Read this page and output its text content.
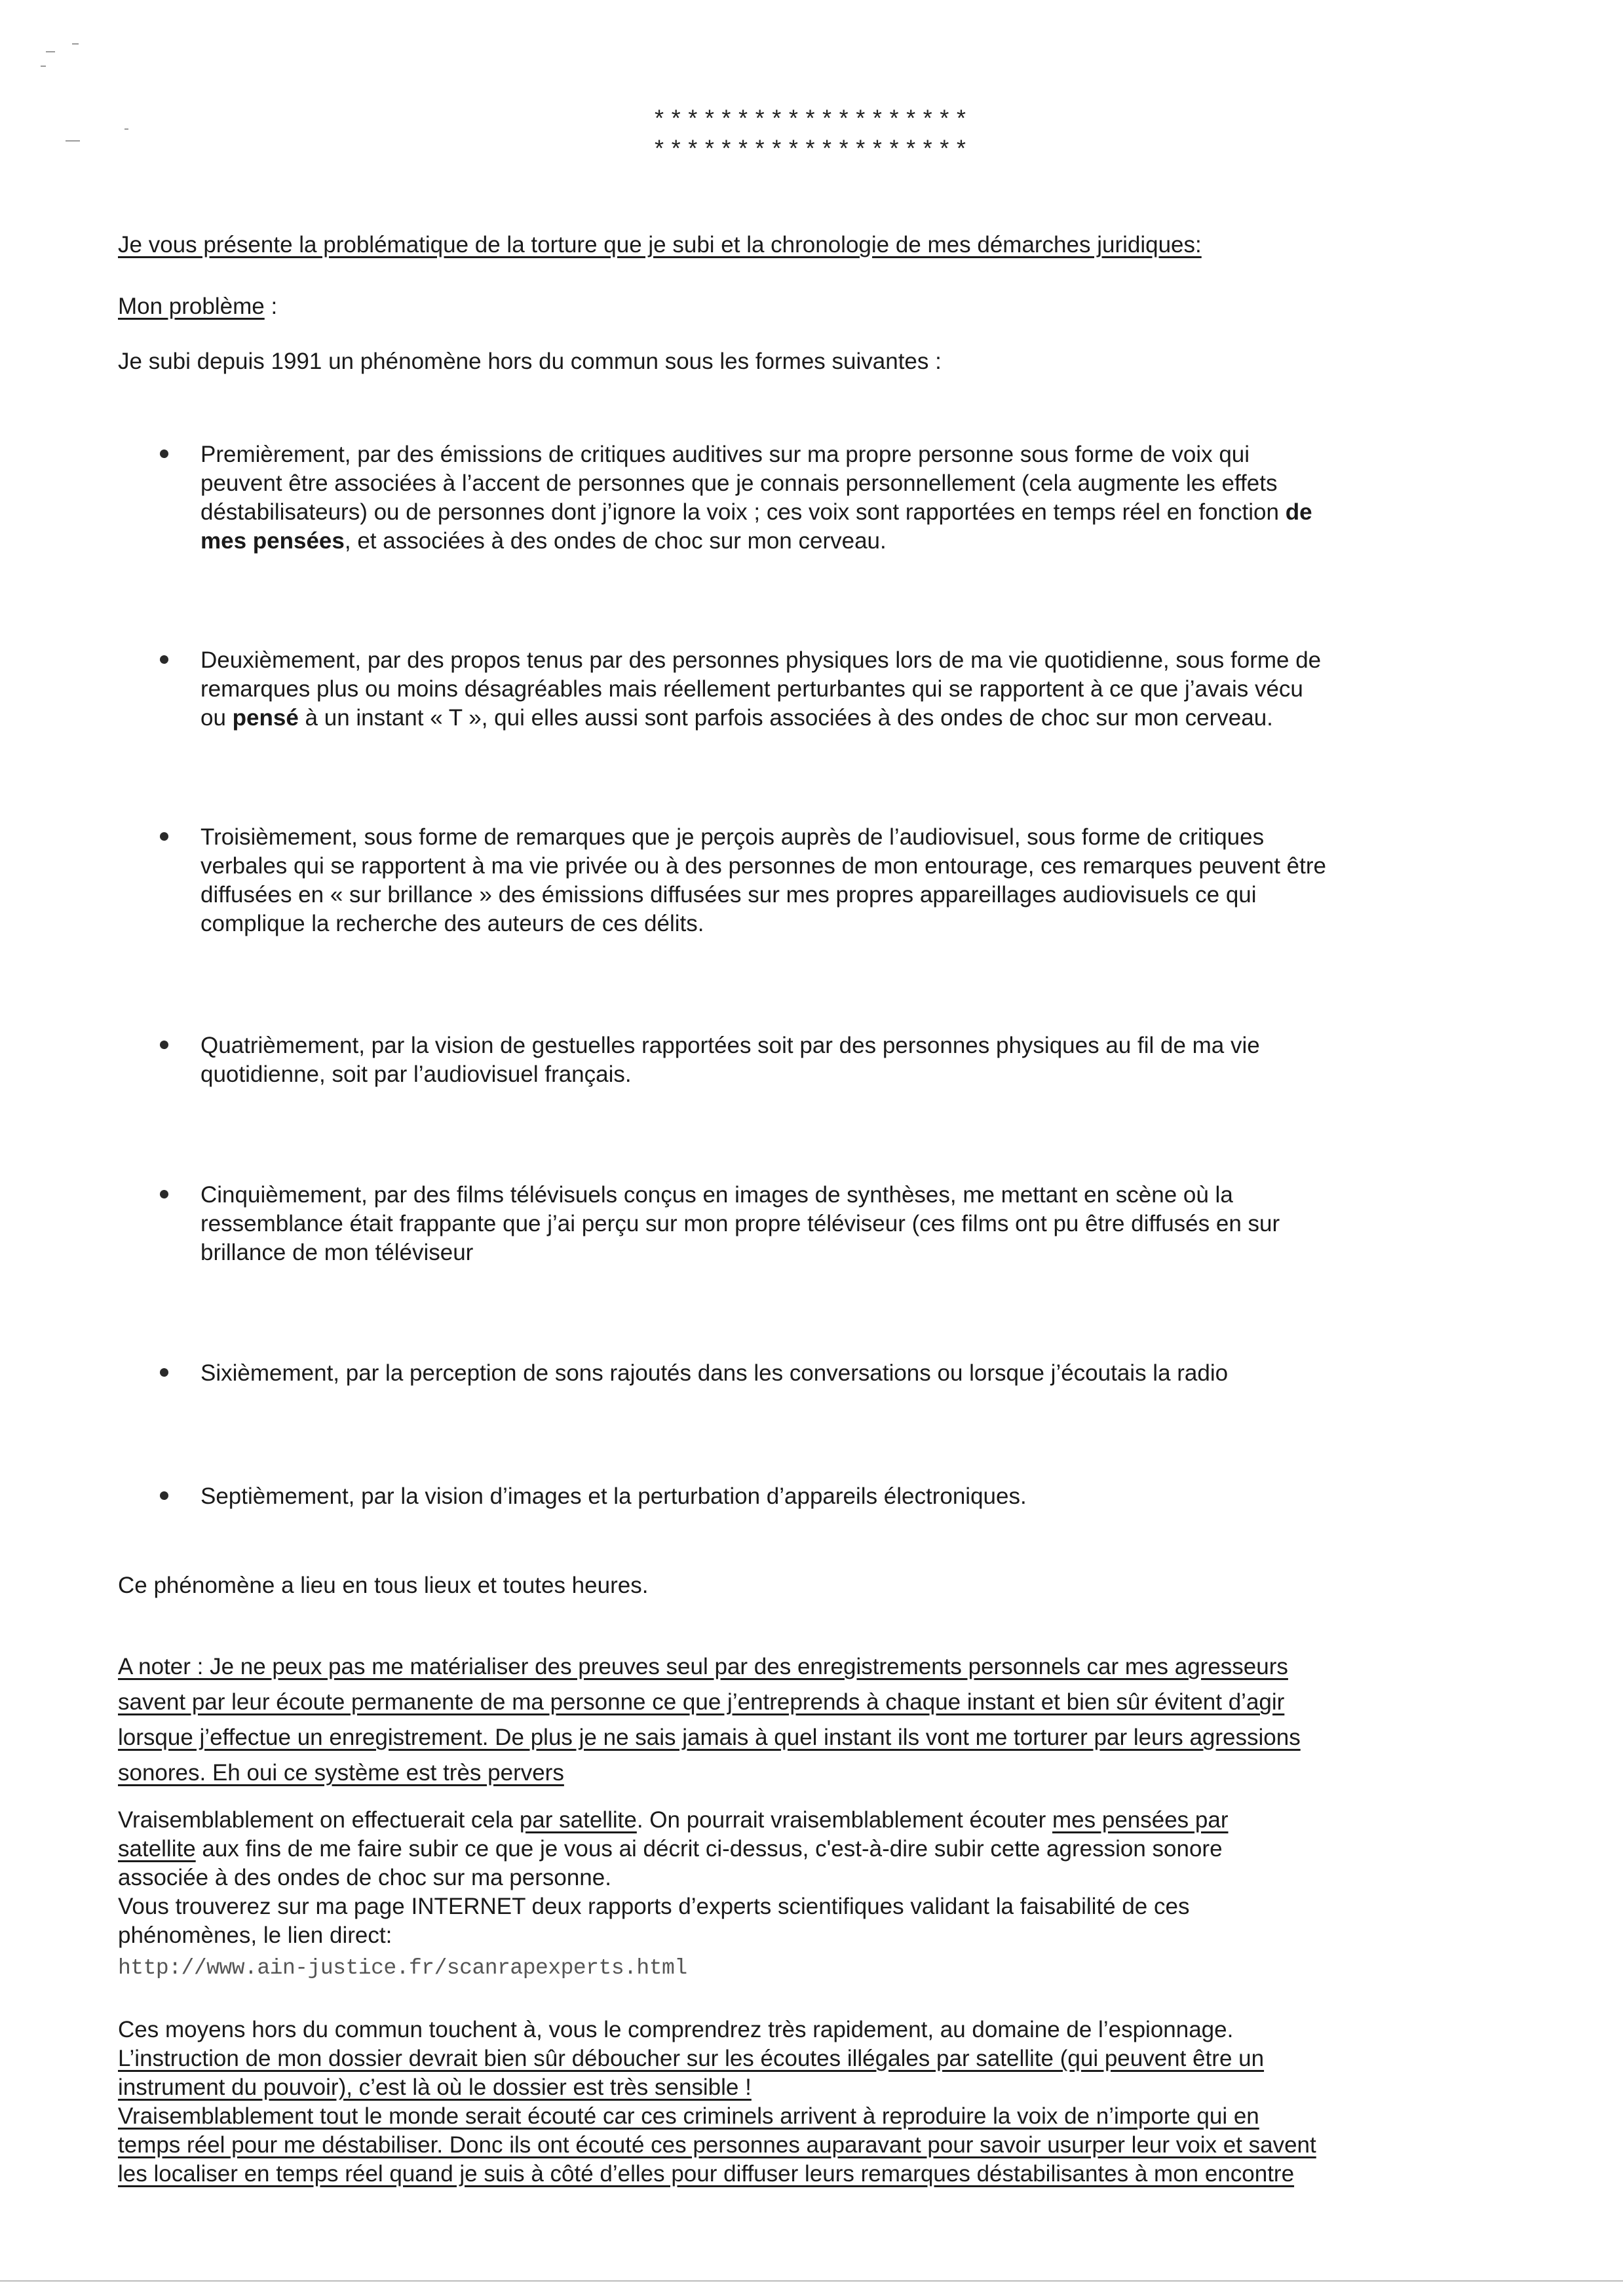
*******************
*******************
Je vous présente la problématique de la torture que je subi et la chronologie de mes démarches juridiques:
Mon problème :
Je subi depuis 1991 un phénomène hors du commun sous les formes suivantes :
Premièrement, par des émissions de critiques auditives sur ma propre personne sous forme de voix qui
peuvent être associées à l’accent de personnes que je connais personnellement (cela augmente les effets
déstabilisateurs) ou de personnes dont j’ignore la voix ; ces voix sont rapportées en temps réel en fonction de
mes pensées, et associées à des ondes de choc sur mon cerveau.
Deuxièmement, par des propos tenus par des personnes physiques lors de ma vie quotidienne, sous forme de
remarques plus ou moins désagréables mais réellement perturbantes qui se rapportent à ce que j’avais vécu
ou pensé à un instant « T », qui elles aussi sont parfois associées à des ondes de choc sur mon cerveau.
Troisièmement, sous forme de remarques que je perçois auprès de l’audiovisuel, sous forme de critiques
verbales qui se rapportent à ma vie privée ou à des personnes de mon entourage, ces remarques peuvent être
diffusées en « sur brillance » des émissions diffusées sur mes propres appareillages audiovisuels ce qui
complique la recherche des auteurs de ces délits.
Quatrièmement, par la vision de gestuelles rapportées soit par des personnes physiques au fil de ma vie
quotidienne, soit par l’audiovisuel français.
Cinquièmement, par des films télévisuels conçus en images de synthèses, me mettant en scène où la
ressemblance était frappante que j’ai perçu sur mon propre téléviseur (ces films ont pu être diffusés en sur
brillance de mon téléviseur
Sixièmement, par la perception de sons rajoutés dans les conversations ou lorsque j’écoutais la radio
Septièmement, par la vision d’images et la perturbation d’appareils électroniques.
Ce phénomène a lieu en tous lieux et toutes heures.
A noter : Je ne peux pas me matérialiser des preuves seul par des enregistrements personnels car mes agresseurs
savent par leur écoute permanente de ma personne ce que j’entreprends à chaque instant et bien sûr évitent d’agir
lorsque j’effectue un enregistrement. De plus je ne sais jamais à quel instant ils vont me torturer par leurs agressions
sonores. Eh oui ce système est très pervers
Vraisemblablement on effectuerait cela par satellite. On pourrait vraisemblablement écouter mes pensées par
satellite aux fins de me faire subir ce que je vous ai décrit ci-dessus, c'est-à-dire subir cette agression sonore
associée à des ondes de choc sur ma personne.
Vous trouverez sur ma page INTERNET deux rapports d’experts scientifiques validant la faisabilité de ces
phénomènes, le lien direct:
http://www.ain-justice.fr/scanrapexperts.html
Ces moyens hors du commun touchent à, vous le comprendrez très rapidement, au domaine de l’espionnage.
L’instruction de mon dossier devrait bien sûr déboucher sur les écoutes illégales par satellite (qui peuvent être un
instrument du pouvoir), c’est là où le dossier est très sensible !
Vraisemblablement tout le monde serait écouté car ces criminels arrivent à reproduire la voix de n’importe qui en
temps réel pour me déstabiliser. Donc ils ont écouté ces personnes auparavant pour savoir usurper leur voix et savent
les localiser en temps réel quand je suis à côté d’elles pour diffuser leurs remarques déstabilisantes à mon encontre
